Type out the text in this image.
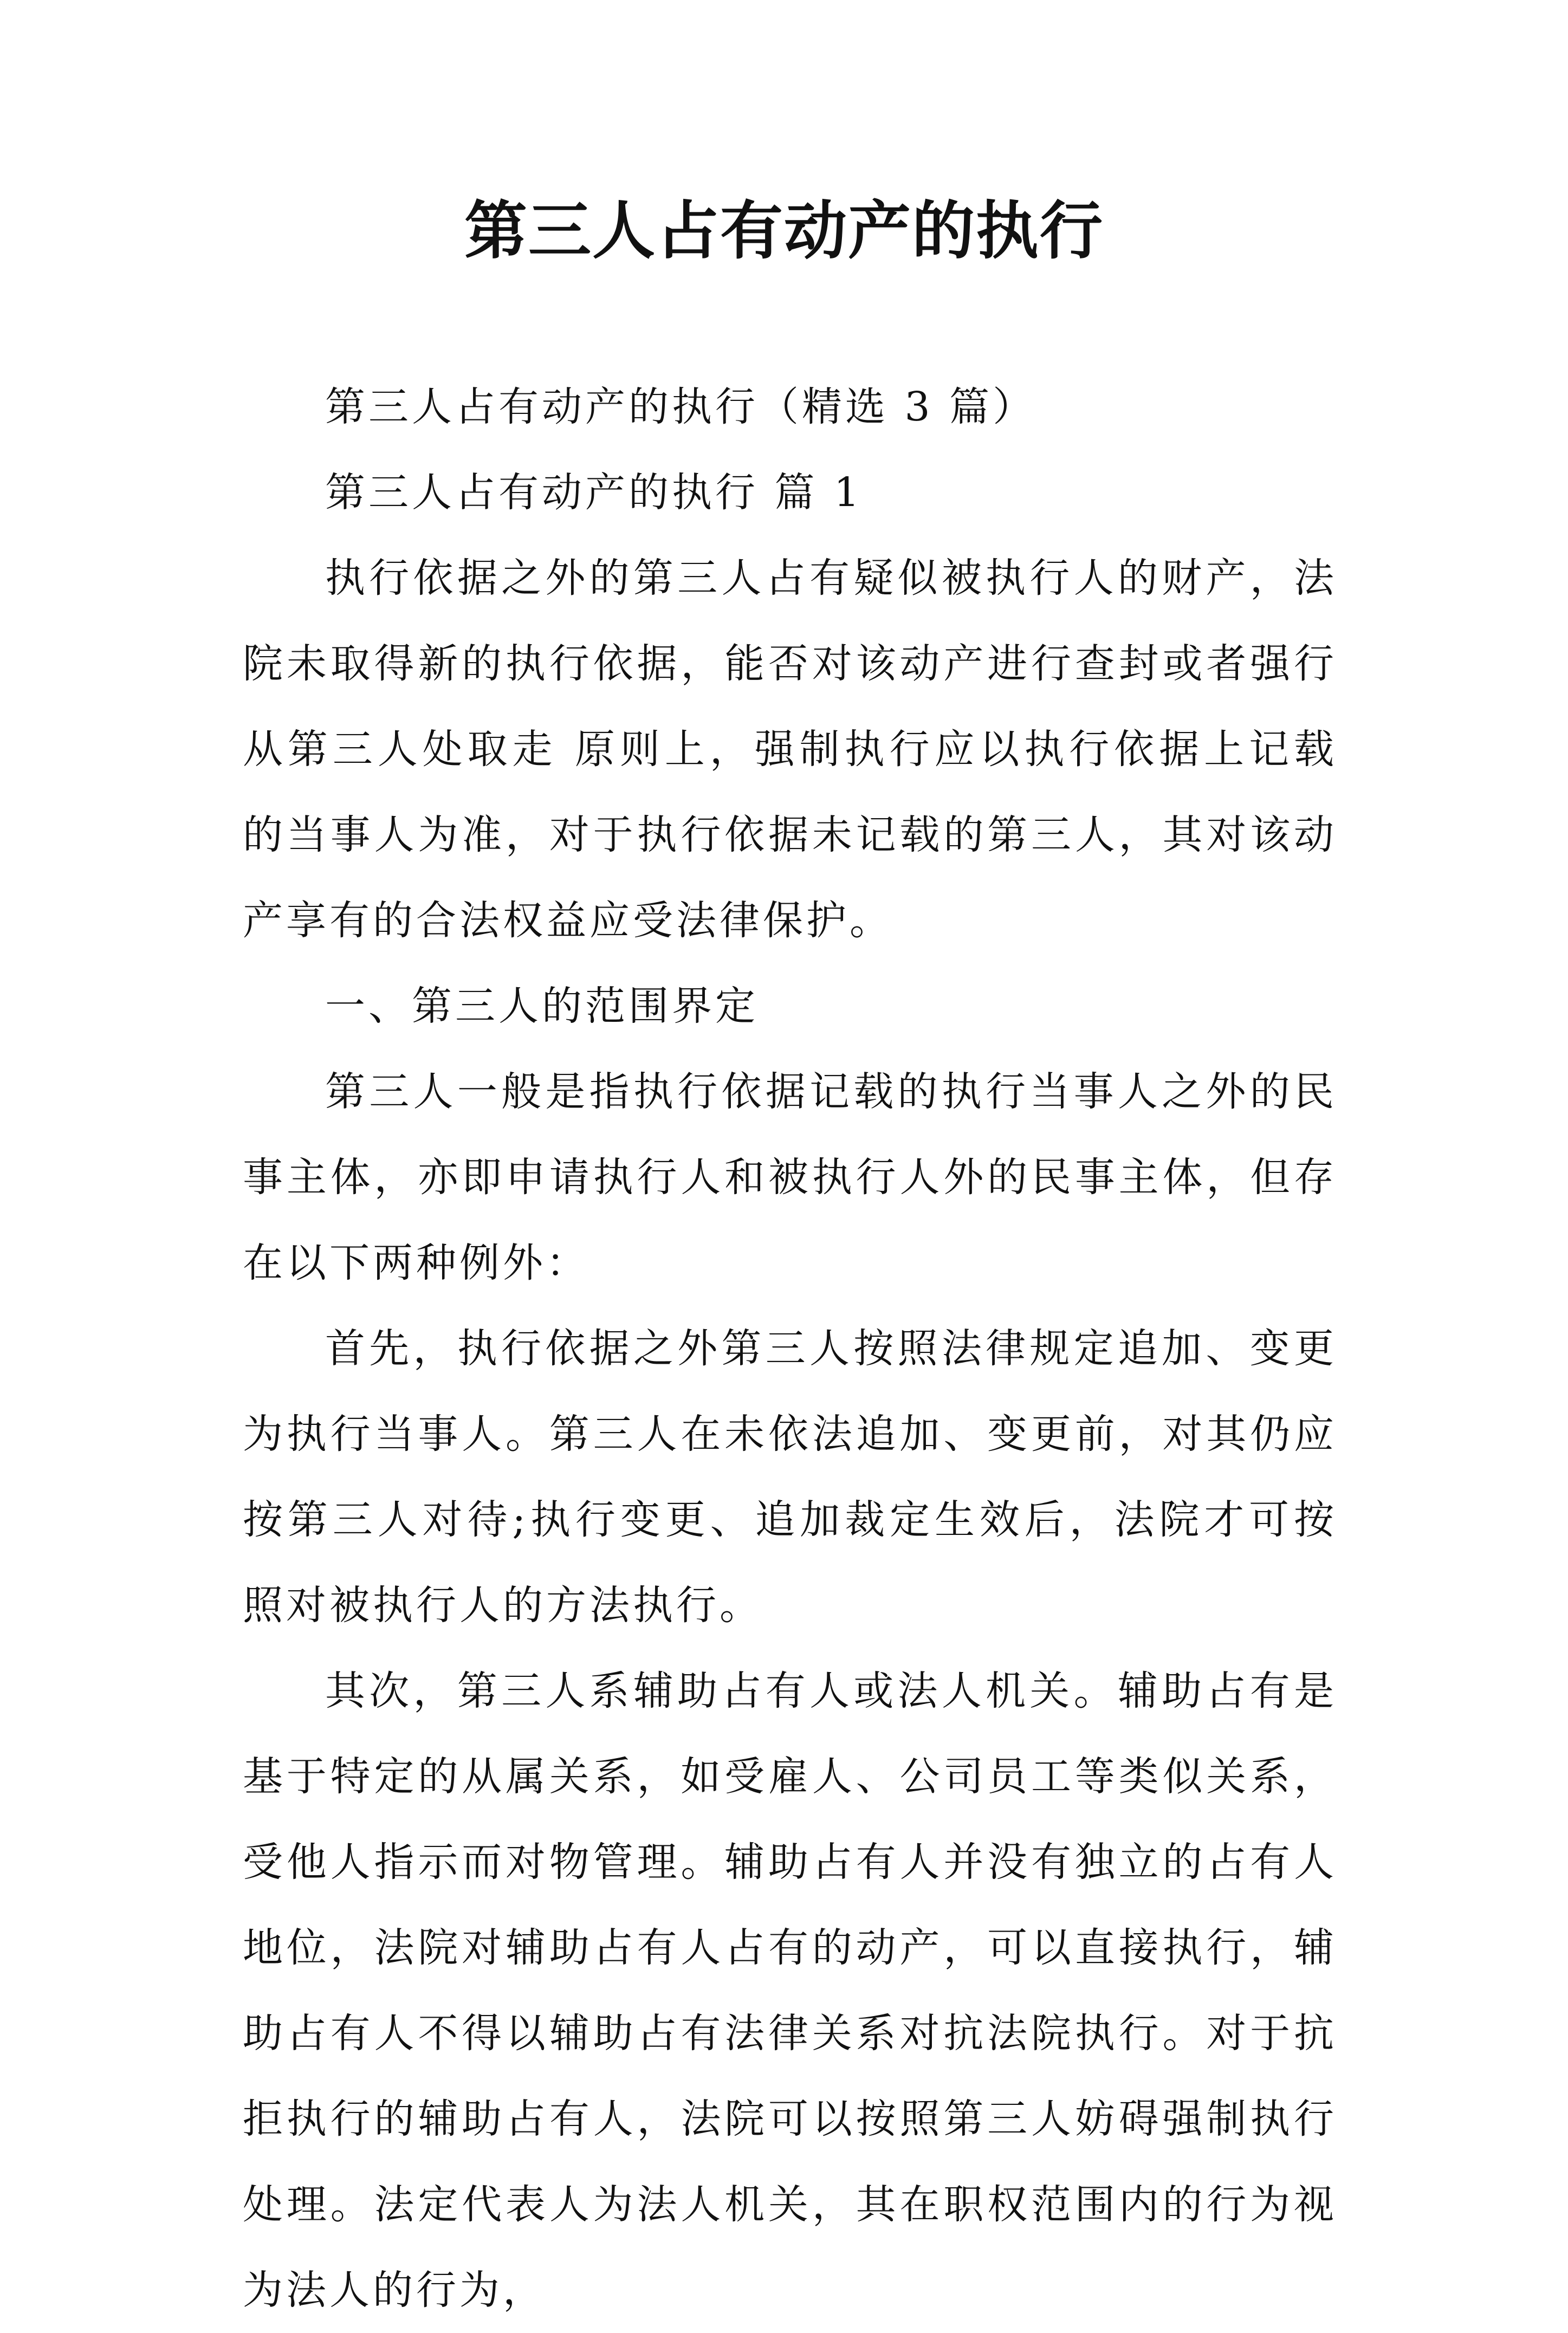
第三人占有动产的执行

第三人占有动产的执行（精选 3 篇）

第三人占有动产的执行 篇 1

执行依据之外的第三人占有疑似被执行人的财产，法院未取得新的执行依据，能否对该动产进行查封或者强行从第三人处取走 原则上，强制执行应以执行依据上记载的当事人为准，对于执行依据未记载的第三人，其对该动产享有的合法权益应受法律保护。

一、第三人的范围界定

第三人一般是指执行依据记载的执行当事人之外的民事主体，亦即申请执行人和被执行人外的民事主体，但存在以下两种例外：

首先，执行依据之外第三人按照法律规定追加、变更为执行当事人。第三人在未依法追加、变更前，对其仍应按第三人对待;执行变更、追加裁定生效后，法院才可按照对被执行人的方法执行。

其次，第三人系辅助占有人或法人机关。辅助占有是基于特定的从属关系，如受雇人、公司员工等类似关系，受他人指示而对物管理。辅助占有人并没有独立的占有人地位，法院对辅助占有人占有的动产，可以直接执行，辅助占有人不得以辅助占有法律关系对抗法院执行。对于抗拒执行的辅助占有人，法院可以按照第三人妨碍强制执行处理。法定代表人为法人机关，其在职权范围内的行为视为法人的行为，
